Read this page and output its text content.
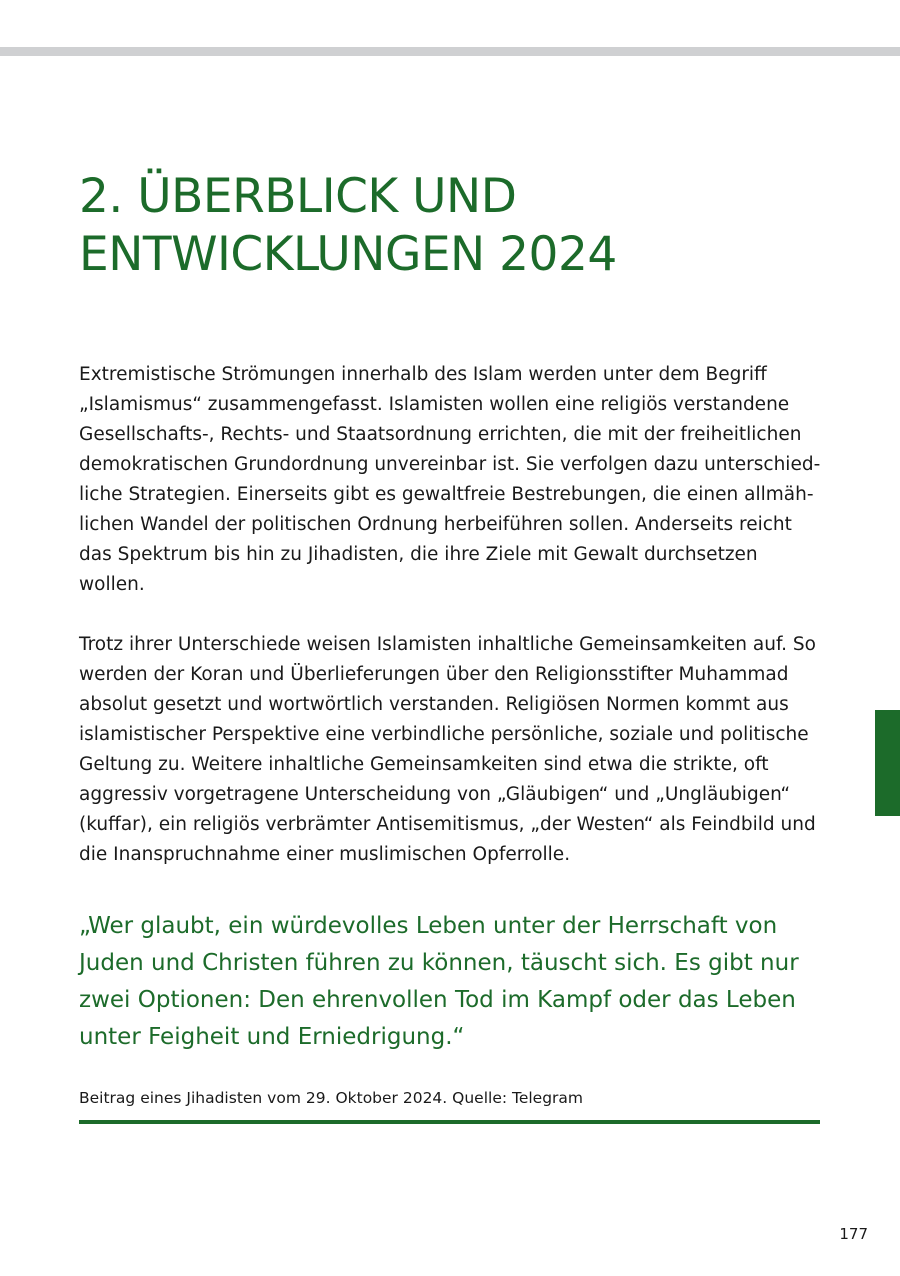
2. ÜBERBLICK UND
ENTWICKLUNGEN 2024

Extremistische Strömungen innerhalb des Islam werden unter dem Begriff
„Islamismus“ zusammengefasst. Islamisten wollen eine religiös verstandene
Gesellschafts-, Rechts- und Staatsordnung errichten, die mit der freiheitlichen
demokratischen Grundordnung unvereinbar ist. Sie verfolgen dazu unterschied-
liche Strategien. Einerseits gibt es gewaltfreie Bestrebungen, die einen allmäh-
lichen Wandel der politischen Ordnung herbeiführen sollen. Anderseits reicht
das Spektrum bis hin zu Jihadisten, die ihre Ziele mit Gewalt durchsetzen
wollen.

Trotz ihrer Unterschiede weisen Islamisten inhaltliche Gemeinsamkeiten auf. So
werden der Koran und Überlieferungen über den Religionsstifter Muhammad
absolut gesetzt und wortwörtlich verstanden. Religiösen Normen kommt aus
islamistischer Perspektive eine verbindliche persönliche, soziale und politische
Geltung zu. Weitere inhaltliche Gemeinsamkeiten sind etwa die strikte, oft
aggressiv vorgetragene Unterscheidung von „Gläubigen“ und „Ungläubigen“
(kuffar), ein religiös verbrämter Antisemitismus, „der Westen“ als Feindbild und
die Inanspruchnahme einer muslimischen Opferrolle.

„Wer glaubt, ein würdevolles Leben unter der Herrschaft von
Juden und Christen führen zu können, täuscht sich. Es gibt nur
zwei Optionen: Den ehrenvollen Tod im Kampf oder das Leben
unter Feigheit und Erniedrigung.“
Beitrag eines Jihadisten vom 29. Oktober 2024. Quelle: Telegram
177
